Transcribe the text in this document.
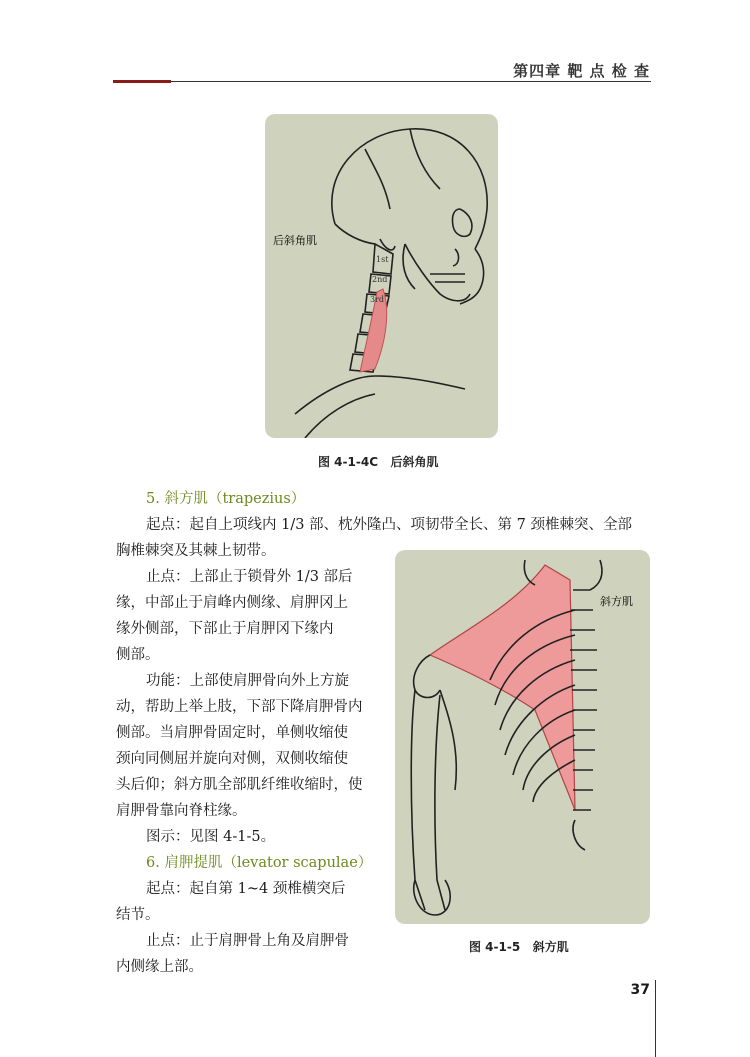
第四章 靶 点 检 查
后斜角肌
1st
2nd
3rd
图 4-1-4C   后斜角肌
斜方肌
图 4-1-5   斜方肌
5. 斜方肌（trapezius）
起点：起自上项线内 1/3 部、枕外隆凸、项韧带全长、第 7 颈椎棘突、全部
胸椎棘突及其棘上韧带。
止点：上部止于锁骨外 1/3 部后
缘，中部止于肩峰内侧缘、肩胛冈上
缘外侧部，下部止于肩胛冈下缘内
侧部。
功能：上部使肩胛骨向外上方旋
动，帮助上举上肢，下部下降肩胛骨内
侧部。当肩胛骨固定时，单侧收缩使
颈向同侧屈并旋向对侧，双侧收缩使
头后仰；斜方肌全部肌纤维收缩时，使
肩胛骨靠向脊柱缘。
图示：见图 4-1-5。
6. 肩胛提肌（levator scapulae）
起点：起自第 1~4 颈椎横突后
结节。
止点：止于肩胛骨上角及肩胛骨
内侧缘上部。
37
